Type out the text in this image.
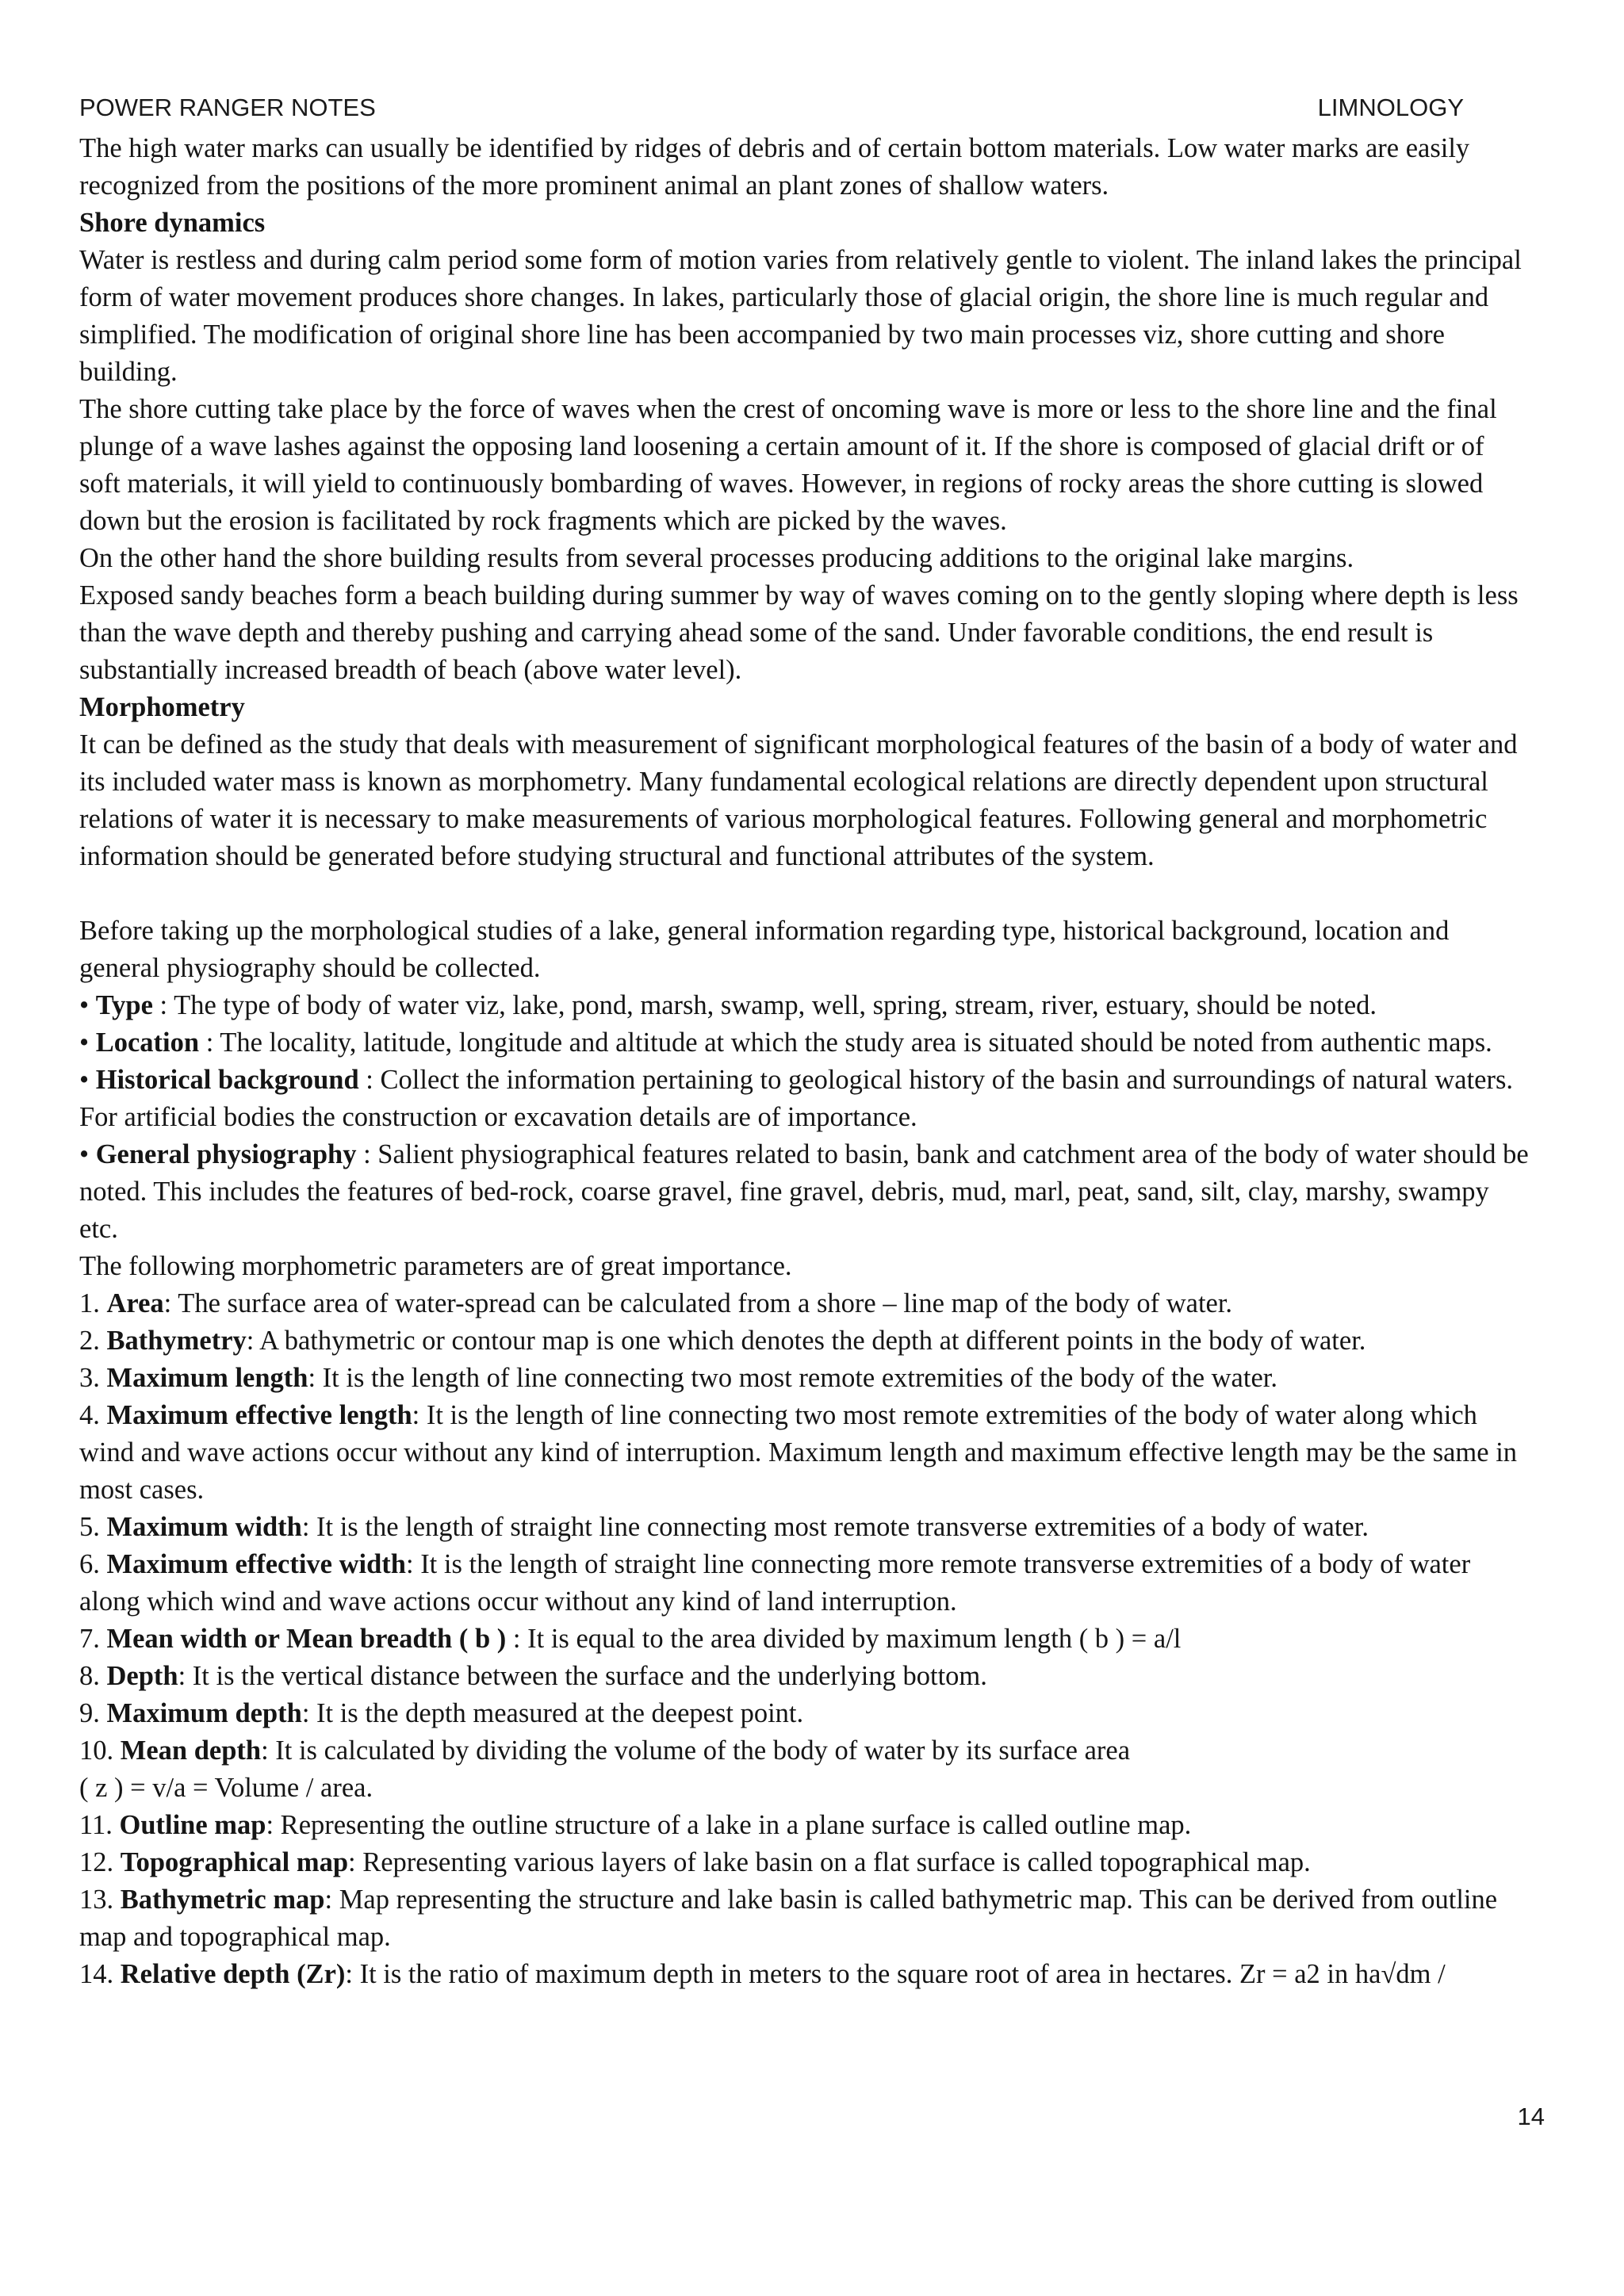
POWER RANGER NOTES	LIMNOLOGY

The high water marks can usually be identified by ridges of debris and of certain bottom materials. Low water marks are easily recognized from the positions of the more prominent animal an plant zones of shallow waters.

Shore dynamics

Water is restless and during calm period some form of motion varies from relatively gentle to violent. The inland lakes the principal form of water movement produces shore changes. In lakes, particularly those of glacial origin, the shore line is much regular and simplified. The modification of original shore line has been accompanied by two main processes viz, shore cutting and shore building.

The shore cutting take place by the force of waves when the crest of oncoming wave is more or less to the shore line and the final plunge of a wave lashes against the opposing land loosening a certain amount of it. If the shore is composed of glacial drift or of soft materials, it will yield to continuously bombarding of waves. However, in regions of rocky areas the shore cutting is slowed down but the erosion is facilitated by rock fragments which are picked by the waves.

On the other hand the shore building results from several processes producing additions to the original lake margins.

Exposed sandy beaches form a beach building during summer by way of waves coming on to the gently sloping where depth is less than the wave depth and thereby pushing and carrying ahead some of the sand. Under favorable conditions, the end result is substantially increased breadth of beach (above water level).

Morphometry

It can be defined as the study that deals with measurement of significant morphological features of the basin of a body of water and its included water mass is known as morphometry. Many fundamental ecological relations are directly dependent upon structural relations of water it is necessary to make measurements of various morphological features. Following general and morphometric information should be generated before studying structural and functional attributes of the system.

Before taking up the morphological studies of a lake, general information regarding type, historical background, location and general physiography should be collected.

• Type : The type of body of water viz, lake, pond, marsh, swamp, well, spring, stream, river, estuary, should be noted.

• Location : The locality, latitude, longitude and altitude at which the study area is situated should be noted from authentic maps.

• Historical background : Collect the information pertaining to geological history of the basin and surroundings of natural waters. For artificial bodies the construction or excavation details are of importance.

• General physiography : Salient physiographical features related to basin, bank and catchment area of the body of water should be noted. This includes the features of bed-rock, coarse gravel, fine gravel, debris, mud, marl, peat, sand, silt, clay, marshy, swampy etc.

The following morphometric parameters are of great importance.

1. Area: The surface area of water-spread can be calculated from a shore – line map of the body of water.

2. Bathymetry: A bathymetric or contour map is one which denotes the depth at different points in the body of water.

3. Maximum length: It is the length of line connecting two most remote extremities of the body of the water.

4. Maximum effective length: It is the length of line connecting two most remote extremities of the body of water along which wind and wave actions occur without any kind of interruption. Maximum length and maximum effective length may be the same in most cases.

5. Maximum width: It is the length of straight line connecting most remote transverse extremities of a body of water.

6. Maximum effective width: It is the length of straight line connecting more remote transverse extremities of a body of water along which wind and wave actions occur without any kind of land interruption.

7. Mean width or Mean breadth ( b ) : It is equal to the area divided by maximum length ( b ) = a/l

8. Depth: It is the vertical distance between the surface and the underlying bottom.

9. Maximum depth: It is the depth measured at the deepest point.

10. Mean depth: It is calculated by dividing the volume of the body of water by its surface area

( z ) = v/a = Volume / area.

11. Outline map: Representing the outline structure of a lake in a plane surface is called outline map.

12. Topographical map: Representing various layers of lake basin on a flat surface is called topographical map.

13. Bathymetric map: Map representing the structure and lake basin is called bathymetric map. This can be derived from outline map and topographical map.

14. Relative depth (Zr): It is the ratio of maximum depth in meters to the square root of area in hectares. Zr = a2 in ha√dm /

14
